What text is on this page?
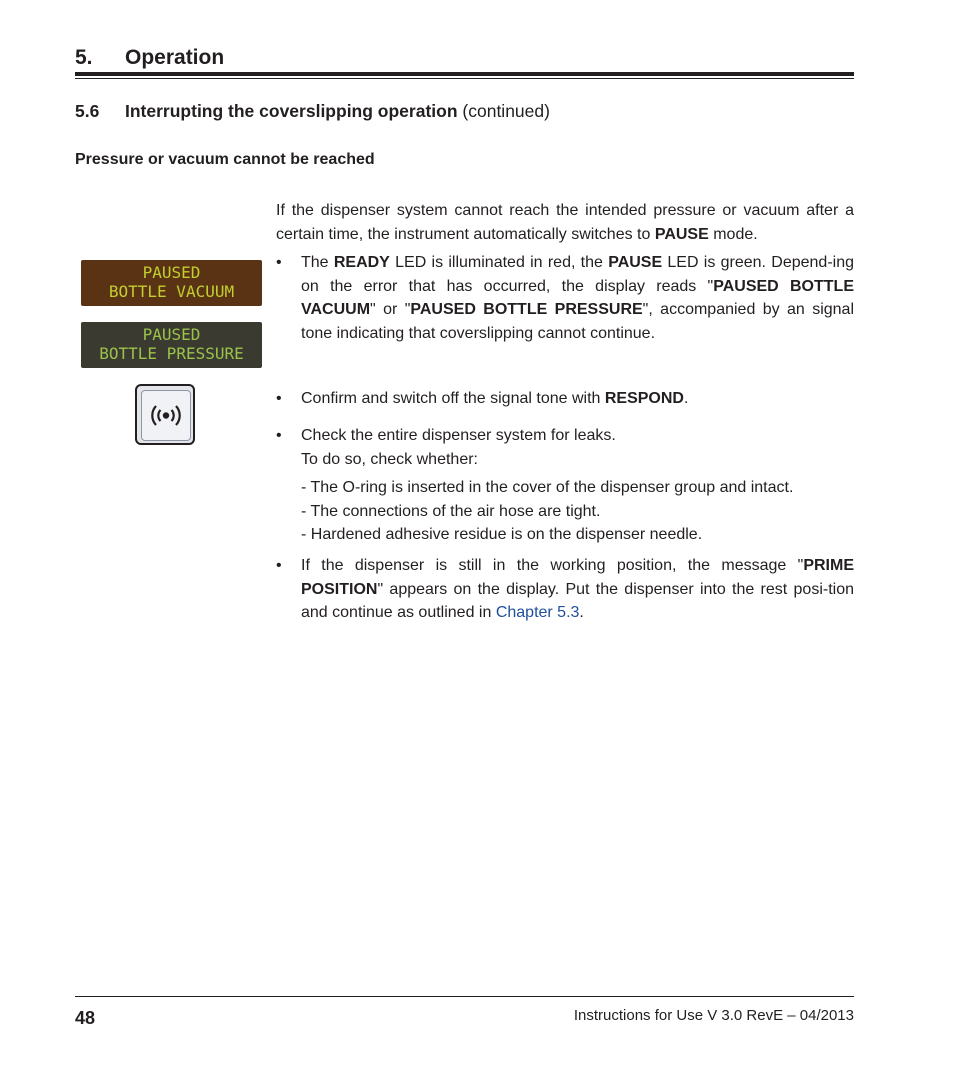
5. Operation
5.6 Interrupting the coverslipping operation (continued)
Pressure or vacuum cannot be reached
If the dispenser system cannot reach the intended pressure or vacuum after a certain time, the instrument automatically switches to PAUSE mode.
PAUSED
BOTTLE VACUUM
PAUSED
BOTTLE PRESSURE
• The READY LED is illuminated in red, the PAUSE LED is green. Depend-ing on the error that has occurred, the display reads "PAUSED BOTTLE VACUUM" or "PAUSED BOTTLE PRESSURE", accompanied by an signal tone indicating that coverslipping cannot continue.
• Confirm and switch off the signal tone with RESPOND.
• Check the entire dispenser system for leaks.
To do so, check whether:
- The O-ring is inserted in the cover of the dispenser group and intact.
- The connections of the air hose are tight.
- Hardened adhesive residue is on the dispenser needle.
• If the dispenser is still in the working position, the message "PRIME POSITION" appears on the display. Put the dispenser into the rest posi-tion and continue as outlined in Chapter 5.3.
48	Instructions for Use V 3.0 RevE – 04/2013
